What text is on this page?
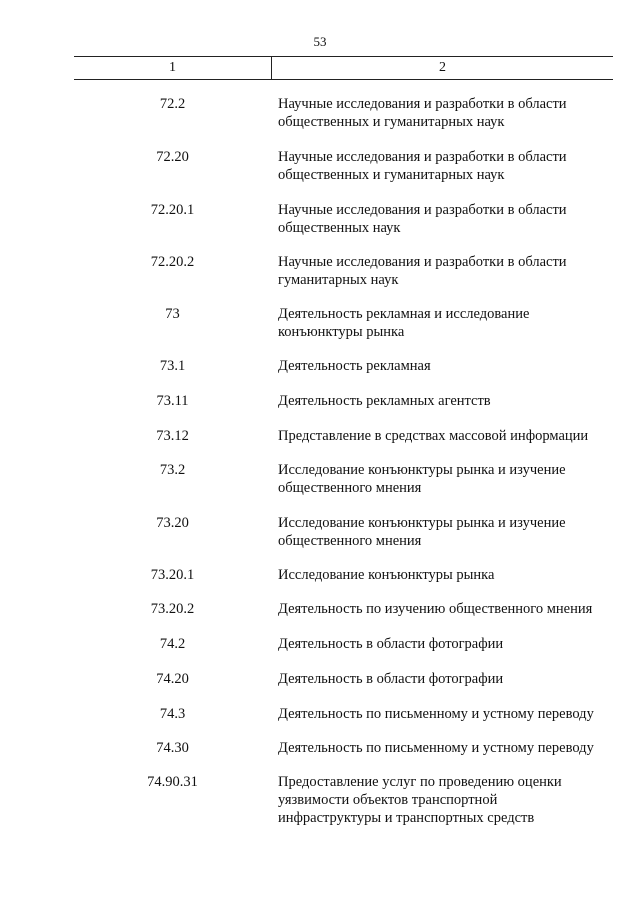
53
1	2
72.2	Научные исследования и разработки в области
общественных и гуманитарных наук
72.20	Научные исследования и разработки в области
общественных и гуманитарных наук
72.20.1	Научные исследования и разработки в области
общественных наук
72.20.2	Научные исследования и разработки в области
гуманитарных наук
73	Деятельность рекламная и исследование
конъюнктуры рынка
73.1	Деятельность рекламная
73.11	Деятельность рекламных агентств
73.12	Представление в средствах массовой информации
73.2	Исследование конъюнктуры рынка и изучение
общественного мнения
73.20	Исследование конъюнктуры рынка и изучение
общественного мнения
73.20.1	Исследование конъюнктуры рынка
73.20.2	Деятельность по изучению общественного мнения
74.2	Деятельность в области фотографии
74.20	Деятельность в области фотографии
74.3	Деятельность по письменному и устному переводу
74.30	Деятельность по письменному и устному переводу
74.90.31	Предоставление услуг по проведению оценки
уязвимости объектов транспортной
инфраструктуры и транспортных средств
